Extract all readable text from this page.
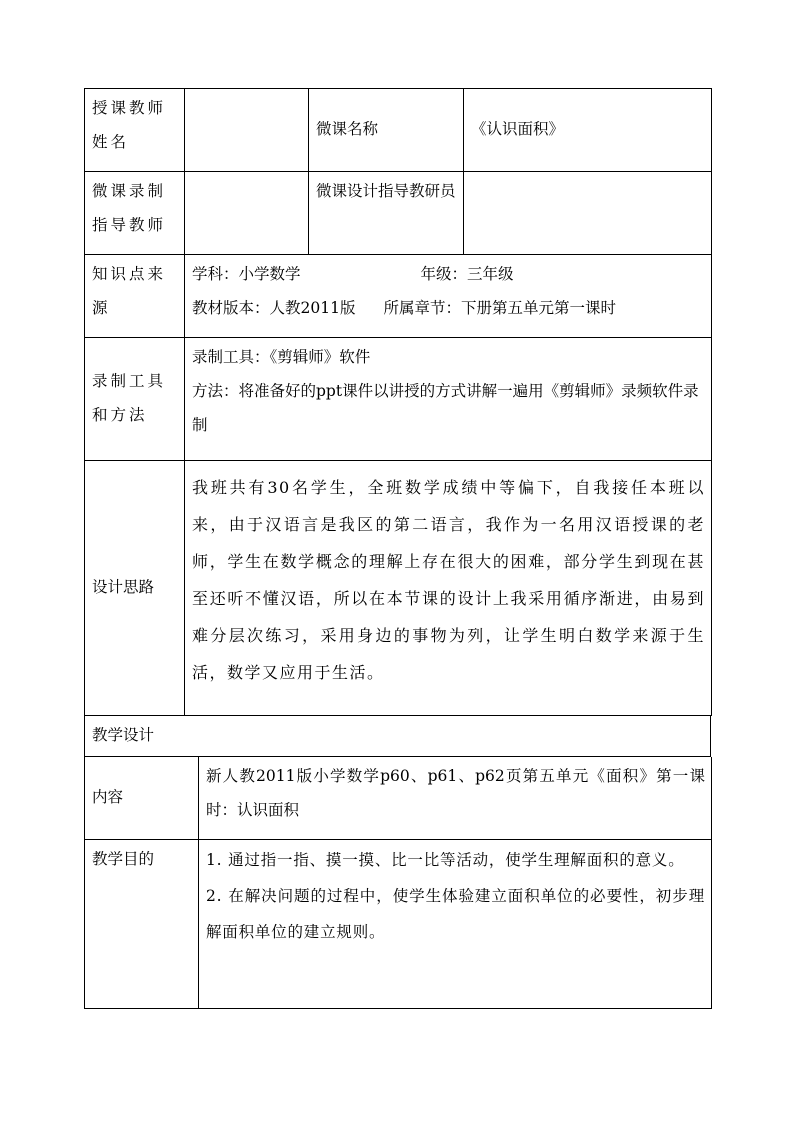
授课教师姓名		微课名称	《认识面积》
微课录制指导教师		微课设计指导教研员	
知识点来源	学科：小学数学 年级：三年级
教材版本：人教2011版 所属章节：下册第五单元第一课时		

录制工具和方法	录制工具：《剪辑师》软件
方法：将准备好的ppt课件以讲授的方式讲解一遍用《剪辑师》录频软件录制		
设计思路	我班共有30名学生，全班数学成绩中等偏下，自我接任本班以来，由于汉语言是我区的第二语言，我作为一名用汉语授课的老师，学生在数学概念的理解上存在很大的困难，部分学生到现在甚至还听不懂汉语，所以在本节课的设计上我采用循序渐进，由易到难分层次练习，采用身边的事物为列，让学生明白数学来源于生活，数学又应用于生活。
教学设计
内容	新人教2011版小学数学p60、p61、p62页第五单元《面积》第一课时：认识面积
教学目的	1. 通过指一指、摸一摸、比一比等活动，使学生理解面积的意义。
2. 在解决问题的过程中，使学生体验建立面积单位的必要性，初步理解面积单位的建立规则。
